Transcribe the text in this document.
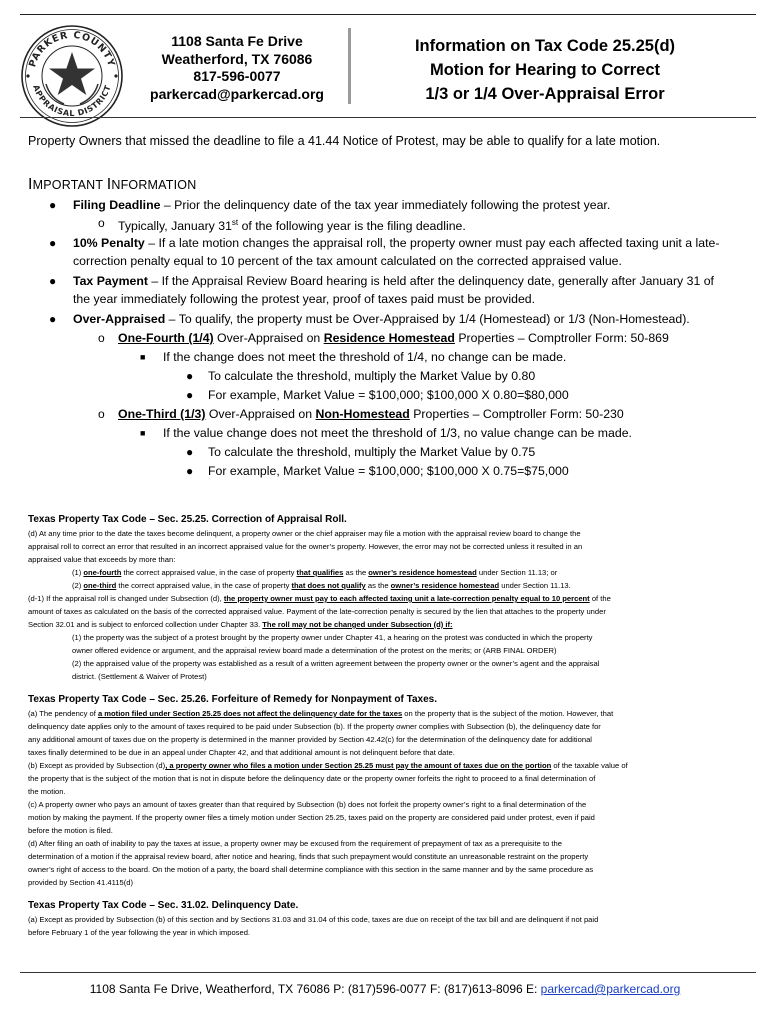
PARKER COUNTY
APPRAISAL DISTRICT
1108 Santa Fe Drive
Weatherford, TX 76086
817-596-0077
parkercad@parkercad.org
Information on Tax Code 25.25(d)
Motion for Hearing to Correct
1/3 or 1/4 Over-Appraisal Error
Property Owners that missed the deadline to file a 41.44 Notice of Protest, may be able to qualify for a late motion.
IMPORTANT INFORMATION
● Filing Deadline – Prior the delinquency date of the tax year immediately following the protest year.
o Typically, January 31st of the following year is the filing deadline.
● 10% Penalty – If a late motion changes the appraisal roll, the property owner must pay each affected taxing unit a late-
correction penalty equal to 10 percent of the tax amount calculated on the corrected appraised value.
● Tax Payment – If the Appraisal Review Board hearing is held after the delinquency date, generally after January 31 of
the year immediately following the protest year, proof of taxes paid must be provided.
● Over-Appraised – To qualify, the property must be Over-Appraised by 1/4 (Homestead) or 1/3 (Non-Homestead).
o One-Fourth (1/4) Over-Appraised on Residence Homestead Properties – Comptroller Form: 50-869
■ If the change does not meet the threshold of 1/4, no change can be made.
● To calculate the threshold, multiply the Market Value by 0.80
● For example, Market Value = $100,000; $100,000 X 0.80=$80,000
o One-Third (1/3) Over-Appraised on Non-Homestead Properties – Comptroller Form: 50-230
■ If the value change does not meet the threshold of 1/3, no value change can be made.
● To calculate the threshold, multiply the Market Value by 0.75
● For example, Market Value = $100,000; $100,000 X 0.75=$75,000
Texas Property Tax Code – Sec. 25.25. Correction of Appraisal Roll.
(d) At any time prior to the date the taxes become delinquent, a property owner or the chief appraiser may file a motion with the appraisal review board to change the
appraisal roll to correct an error that resulted in an incorrect appraised value for the owner’s property. However, the error may not be corrected unless it resulted in an
appraised value that exceeds by more than:
(1) one-fourth the correct appraised value, in the case of property that qualifies as the owner’s residence homestead under Section 11.13; or
(2) one-third the correct appraised value, in the case of property that does not qualify as the owner’s residence homestead under Section 11.13.
(d-1) If the appraisal roll is changed under Subsection (d), the property owner must pay to each affected taxing unit a late-correction penalty equal to 10 percent of the
amount of taxes as calculated on the basis of the corrected appraised value. Payment of the late-correction penalty is secured by the lien that attaches to the property under
Section 32.01 and is subject to enforced collection under Chapter 33. The roll may not be changed under Subsection (d) if:
(1) the property was the subject of a protest brought by the property owner under Chapter 41, a hearing on the protest was conducted in which the property
owner offered evidence or argument, and the appraisal review board made a determination of the protest on the merits; or (ARB FINAL ORDER)
(2) the appraised value of the property was established as a result of a written agreement between the property owner or the owner’s agent and the appraisal
district. (Settlement & Waiver of Protest)
Texas Property Tax Code – Sec. 25.26. Forfeiture of Remedy for Nonpayment of Taxes.
(a) The pendency of a motion filed under Section 25.25 does not affect the delinquency date for the taxes on the property that is the subject of the motion. However, that
delinquency date applies only to the amount of taxes required to be paid under Subsection (b). If the property owner complies with Subsection (b), the delinquency date for
any additional amount of taxes due on the property is determined in the manner provided by Section 42.42(c) for the determination of the delinquency date for additional
taxes finally determined to be due in an appeal under Chapter 42, and that additional amount is not delinquent before that date.
(b) Except as provided by Subsection (d), a property owner who files a motion under Section 25.25 must pay the amount of taxes due on the portion of the taxable value of
the property that is the subject of the motion that is not in dispute before the delinquency date or the property owner forfeits the right to proceed to a final determination of
the motion.
(c) A property owner who pays an amount of taxes greater than that required by Subsection (b) does not forfeit the property owner’s right to a final determination of the
motion by making the payment. If the property owner files a timely motion under Section 25.25, taxes paid on the property are considered paid under protest, even if paid
before the motion is filed.
(d) After filing an oath of inability to pay the taxes at issue, a property owner may be excused from the requirement of prepayment of tax as a prerequisite to the
determination of a motion if the appraisal review board, after notice and hearing, finds that such prepayment would constitute an unreasonable restraint on the property
owner’s right of access to the board. On the motion of a party, the board shall determine compliance with this section in the same manner and by the same procedure as
provided by Section 41.4115(d)
Texas Property Tax Code – Sec. 31.02. Delinquency Date.
(a) Except as provided by Subsection (b) of this section and by Sections 31.03 and 31.04 of this code, taxes are due on receipt of the tax bill and are delinquent if not paid
before February 1 of the year following the year in which imposed.
1108 Santa Fe Drive, Weatherford, TX 76086 P: (817)596-0077 F: (817)613-8096 E: parkercad@parkercad.org
